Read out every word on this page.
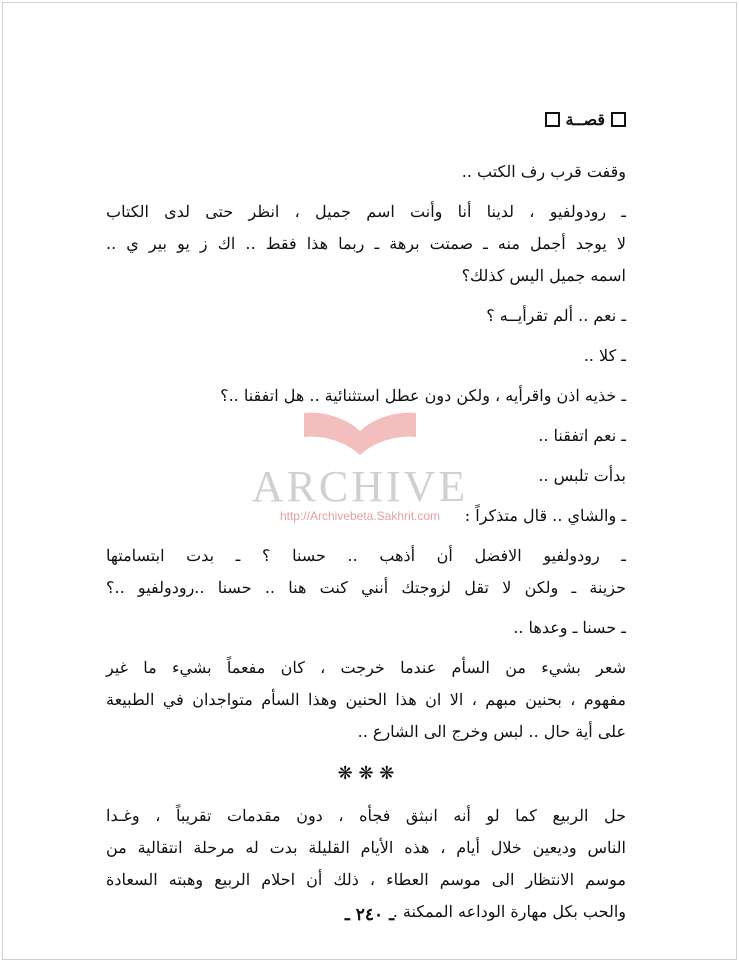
ARCHIVE
http://Archivebeta.Sakhrit.com
قصــة

وقفت قرب رف الكتب ..

ـ رودولفيو ، لدينا أنا وأنت اسم جميل ، انظر حتى لدى الكتاب

لا يوجد أجمل منه ـ صمتت برهة ـ ربما هذا فقط .. اك ز يو بير ي ..

اسمه جميل اليس كذلك؟

ـ نعم .. ألم تقرأيــه ؟

ـ كلا ..

ـ خذيه اذن واقرأيه ، ولكن دون عطل استثنائية .. هل اتفقنا ..؟

ـ نعم اتفقنا ..

بدأت تلبس ..

ـ والشاي .. قال متذكراً :

ـ رودولفيو الافضل أن أذهب .. حسنا ؟ ـ بدت ابتسامتها

حزينة ـ ولكن لا تقل لزوجتك أنني كنت هنا .. حسنا ..رودولفيو ..؟

ـ حسنا ـ وعدها ..

شعر بشيء من السأم عندما خرجت ، كان مفعماً بشيء ما غير

مفهوم ، بحنين مبهم ، الا ان هذا الحنين وهذا السأم متواجدان في الطبيعة

على أية حال .. لبس وخرج الى الشارع ..

❋ ❋ ❋

حل الربيع كما لو أنه انبثق فجأه ، دون مقدمات تقريباً ، وغـدا

الناس وديعين خلال أيام ، هذه الأيام القليلة بدت له مرحلة انتقالية من

موسم الانتظار الى موسم العطاء ، ذلك أن احلام الربيع وهبته السعادة

والحب بكل مهارة الوداعه الممكنة .

ـ ٢٤٠ ـ
